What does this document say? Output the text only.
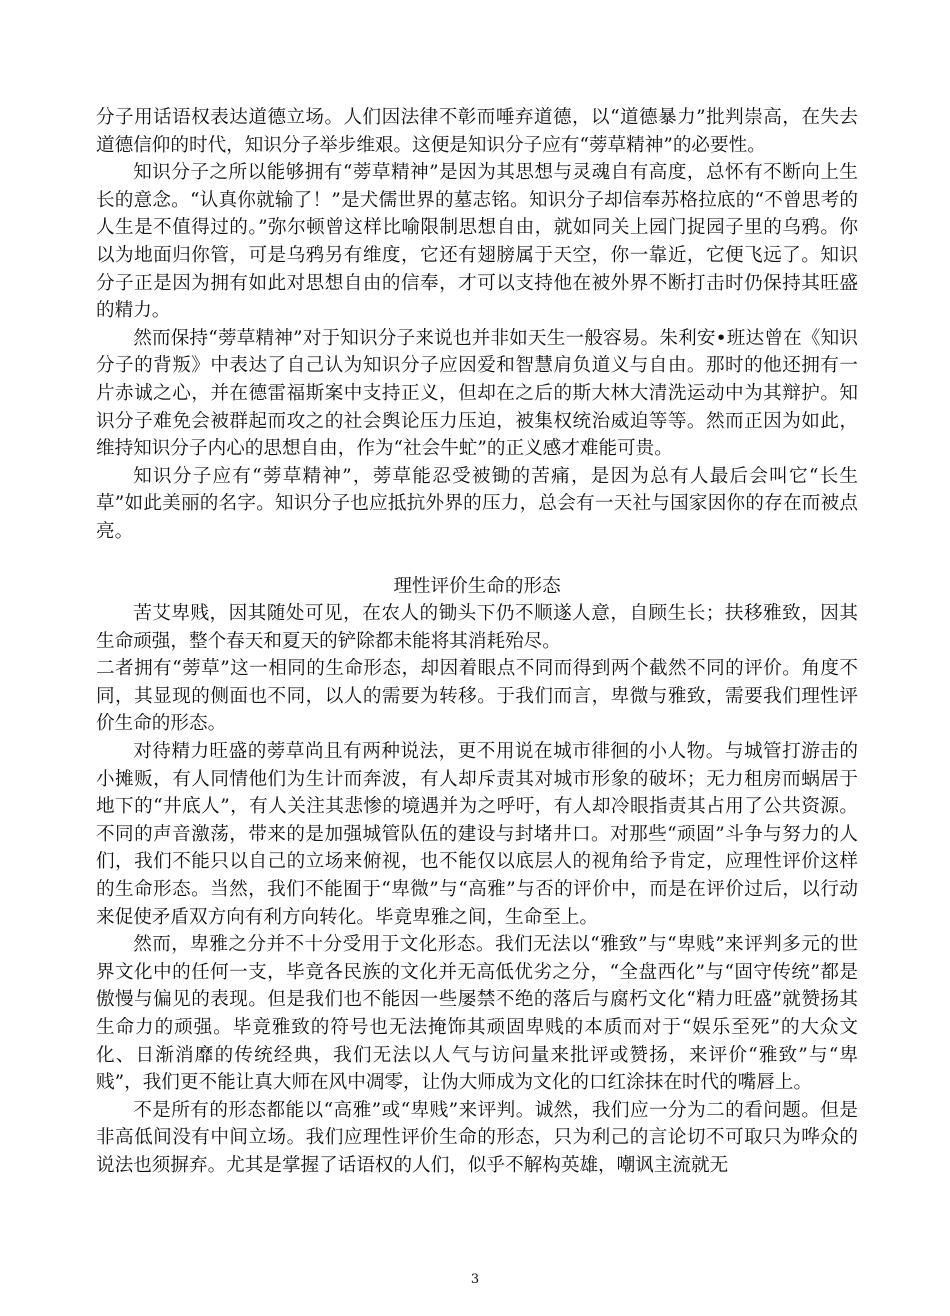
分子用话语权表达道德立场。人们因法律不彰而唾弃道德，以“道德暴力”批判崇高，在失去道德信仰的时代，知识分子举步维艰。这便是知识分子应有“蒡草精神”的必要性。

知识分子之所以能够拥有“蒡草精神”是因为其思想与灵魂自有高度，总怀有不断向上生长的意念。“认真你就输了！”是犬儒世界的墓志铭。知识分子却信奉苏格拉底的“不曾思考的人生是不值得过的。”弥尔顿曾这样比喻限制思想自由，就如同关上园门捉园子里的乌鸦。你以为地面归你管，可是乌鸦另有维度，它还有翅膀属于天空，你一靠近，它便飞远了。知识分子正是因为拥有如此对思想自由的信奉，才可以支持他在被外界不断打击时仍保持其旺盛的精力。

然而保持“蒡草精神”对于知识分子来说也并非如天生一般容易。朱利安•班达曾在《知识分子的背叛》中表达了自己认为知识分子应因爱和智慧肩负道义与自由。那时的他还拥有一片赤诚之心，并在德雷福斯案中支持正义，但却在之后的斯大林大清洗运动中为其辩护。知识分子难免会被群起而攻之的社会舆论压力压迫，被集权统治威迫等等。然而正因为如此，维持知识分子内心的思想自由，作为“社会牛虻”的正义感才难能可贵。

知识分子应有“蒡草精神”，蒡草能忍受被锄的苦痛，是因为总有人最后会叫它“长生草”如此美丽的名字。知识分子也应抵抗外界的压力，总会有一天社与国家因你的存在而被点亮。

理性评价生命的形态

苦艾卑贱，因其随处可见，在农人的锄头下仍不顺遂人意，自顾生长；扶移雅致，因其生命顽强，整个春天和夏天的铲除都未能将其消耗殆尽。

二者拥有“蒡草”这一相同的生命形态，却因着眼点不同而得到两个截然不同的评价。角度不同，其显现的侧面也不同，以人的需要为转移。于我们而言，卑微与雅致，需要我们理性评价生命的形态。

对待精力旺盛的蒡草尚且有两种说法，更不用说在城市徘徊的小人物。与城管打游击的小摊贩，有人同情他们为生计而奔波，有人却斥责其对城市形象的破坏；无力租房而蜗居于地下的“井底人”，有人关注其悲惨的境遇并为之呼吁，有人却冷眼指责其占用了公共资源。不同的声音激荡，带来的是加强城管队伍的建设与封堵井口。对那些“顽固”斗争与努力的人们，我们不能只以自己的立场来俯视，也不能仅以底层人的视角给予肯定，应理性评价这样的生命形态。当然，我们不能囿于“卑微”与“高雅”与否的评价中，而是在评价过后，以行动来促使矛盾双方向有利方向转化。毕竟卑雅之间，生命至上。

然而，卑雅之分并不十分受用于文化形态。我们无法以“雅致”与“卑贱”来评判多元的世界文化中的任何一支，毕竟各民族的文化并无高低优劣之分，“全盘西化”与“固守传统”都是傲慢与偏见的表现。但是我们也不能因一些屡禁不绝的落后与腐朽文化“精力旺盛”就赞扬其生命力的顽强。毕竟雅致的符号也无法掩饰其顽固卑贱的本质而对于“娱乐至死”的大众文化、日渐消靡的传统经典，我们无法以人气与访问量来批评或赞扬，来评价“雅致”与“卑贱”，我们更不能让真大师在风中凋零，让伪大师成为文化的口红涂抹在时代的嘴唇上。

不是所有的形态都能以“高雅”或“卑贱”来评判。诚然，我们应一分为二的看问题。但是非高低间没有中间立场。我们应理性评价生命的形态，只为利己的言论切不可取只为哗众的说法也须摒弃。尤其是掌握了话语权的人们，似乎不解构英雄，嘲讽主流就无

3
